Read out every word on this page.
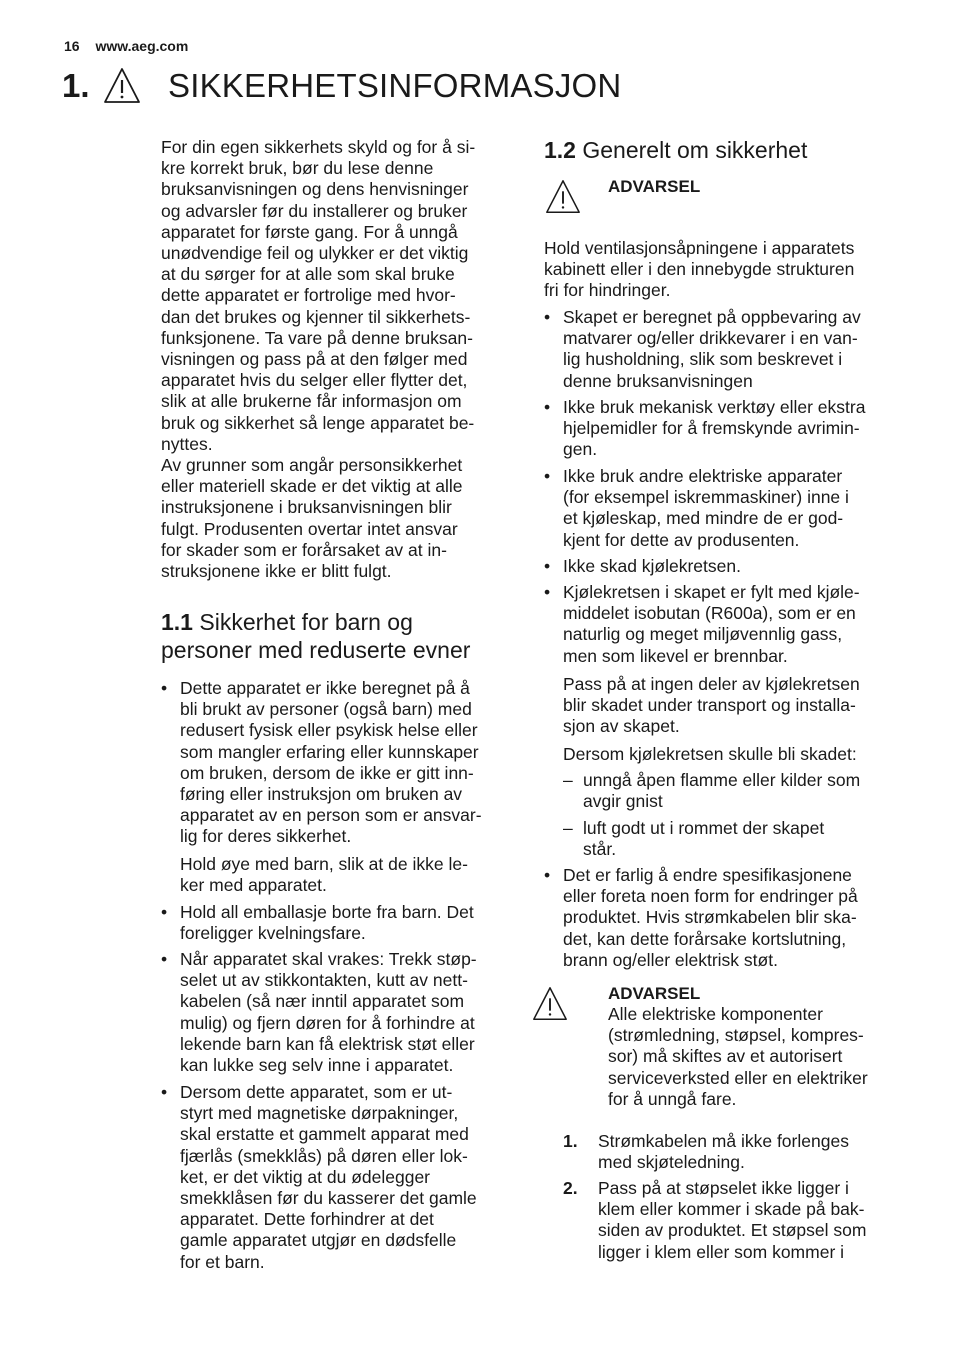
16 www.aeg.com
1.	SIKKERHETSINFORMASJON
For din egen sikkerhets skyld og for å si-
kre korrekt bruk, bør du lese denne
bruksanvisningen og dens henvisninger
og advarsler før du installerer og bruker
apparatet for første gang. For å unngå
unødvendige feil og ulykker er det viktig
at du sørger for at alle som skal bruke
dette apparatet er fortrolige med hvor-
dan det brukes og kjenner til sikkerhets-
funksjonene. Ta vare på denne bruksan-
visningen og pass på at den følger med
apparatet hvis du selger eller flytter det,
slik at alle brukerne får informasjon om
bruk og sikkerhet så lenge apparatet be-
nyttes.
Av grunner som angår personsikkerhet
eller materiell skade er det viktig at alle
instruksjonene i bruksanvisningen blir
fulgt. Produsenten overtar intet ansvar
for skader som er forårsaket av at in-
struksjonene ikke er blitt fulgt.
1.1 Sikkerhet for barn og
personer med reduserte evner
• Dette apparatet er ikke beregnet på å
bli brukt av personer (også barn) med
redusert fysisk eller psykisk helse eller
som mangler erfaring eller kunnskaper
om bruken, dersom de ikke er gitt inn-
føring eller instruksjon om bruken av
apparatet av en person som er ansvar-
lig for deres sikkerhet.
Hold øye med barn, slik at de ikke le-
ker med apparatet.
• Hold all emballasje borte fra barn. Det
foreligger kvelningsfare.
• Når apparatet skal vrakes: Trekk støp-
selet ut av stikkontakten, kutt av nett-
kabelen (så nær inntil apparatet som
mulig) og fjern døren for å forhindre at
lekende barn kan få elektrisk støt eller
kan lukke seg selv inne i apparatet.
• Dersom dette apparatet, som er ut-
styrt med magnetiske dørpakninger,
skal erstatte et gammelt apparat med
fjærlås (smekklås) på døren eller lok-
ket, er det viktig at du ødelegger
smekklåsen før du kasserer det gamle
apparatet. Dette forhindrer at det
gamle apparatet utgjør en dødsfelle
for et barn.
1.2 Generelt om sikkerhet
ADVARSEL
Hold ventilasjonsåpningene i apparatets
kabinett eller i den innebygde strukturen
fri for hindringer.
• Skapet er beregnet på oppbevaring av
matvarer og/eller drikkevarer i en van-
lig husholdning, slik som beskrevet i
denne bruksanvisningen
• Ikke bruk mekanisk verktøy eller ekstra
hjelpemidler for å fremskynde avrimin-
gen.
• Ikke bruk andre elektriske apparater
(for eksempel iskremmaskiner) inne i
et kjøleskap, med mindre de er god-
kjent for dette av produsenten.
• Ikke skad kjølekretsen.
• Kjølekretsen i skapet er fylt med kjøle-
middelet isobutan (R600a), som er en
naturlig og meget miljøvennlig gass,
men som likevel er brennbar.
Pass på at ingen deler av kjølekretsen
blir skadet under transport og installa-
sjon av skapet.
Dersom kjølekretsen skulle bli skadet:
– unngå åpen flamme eller kilder som
avgir gnist
– luft godt ut i rommet der skapet
står.
• Det er farlig å endre spesifikasjonene
eller foreta noen form for endringer på
produktet. Hvis strømkabelen blir ska-
det, kan dette forårsake kortslutning,
brann og/eller elektrisk støt.
ADVARSEL
Alle elektriske komponenter
(strømledning, støpsel, kompres-
sor) må skiftes av et autorisert
serviceverksted eller en elektriker
for å unngå fare.
1. Strømkabelen må ikke forlenges
med skjøteledning.
2. Pass på at støpselet ikke ligger i
klem eller kommer i skade på bak-
siden av produktet. Et støpsel som
ligger i klem eller som kommer i
